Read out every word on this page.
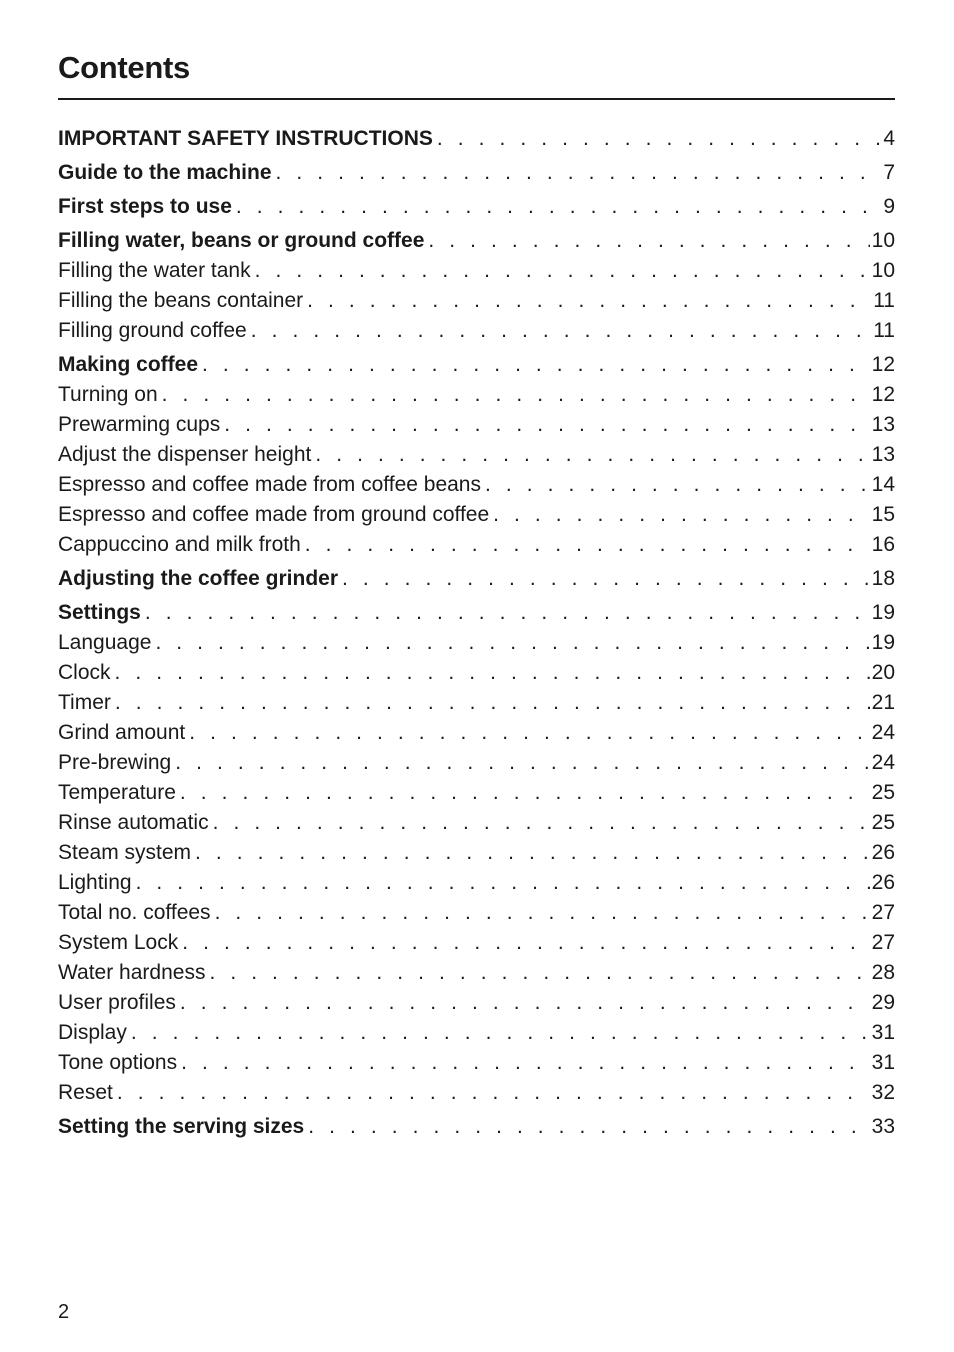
Contents
IMPORTANT SAFETY INSTRUCTIONS . . .	4
Guide to the machine . . .	7
First steps to use . . .	9
Filling water, beans or ground coffee . . .	10
Filling the water tank . . .	10
Filling the beans container . . .	11
Filling ground coffee . . .	11
Making coffee . . .	12
Turning on . . .	12
Prewarming cups . . .	13
Adjust the dispenser height . . .	13
Espresso and coffee made from coffee beans . . .	14
Espresso and coffee made from ground coffee . . .	15
Cappuccino and milk froth . . .	16
Adjusting the coffee grinder . . .	18
Settings . . .	19
Language . . .	19
Clock . . .	20
Timer . . .	21
Grind amount . . .	24
Pre-brewing . . .	24
Temperature . . .	25
Rinse automatic . . .	25
Steam system . . .	26
Lighting . . .	26
Total no. coffees . . .	27
System Lock . . .	27
Water hardness . . .	28
User profiles . . .	29
Display . . .	31
Tone options . . .	31
Reset . . .	32
Setting the serving sizes . . .	33
2
